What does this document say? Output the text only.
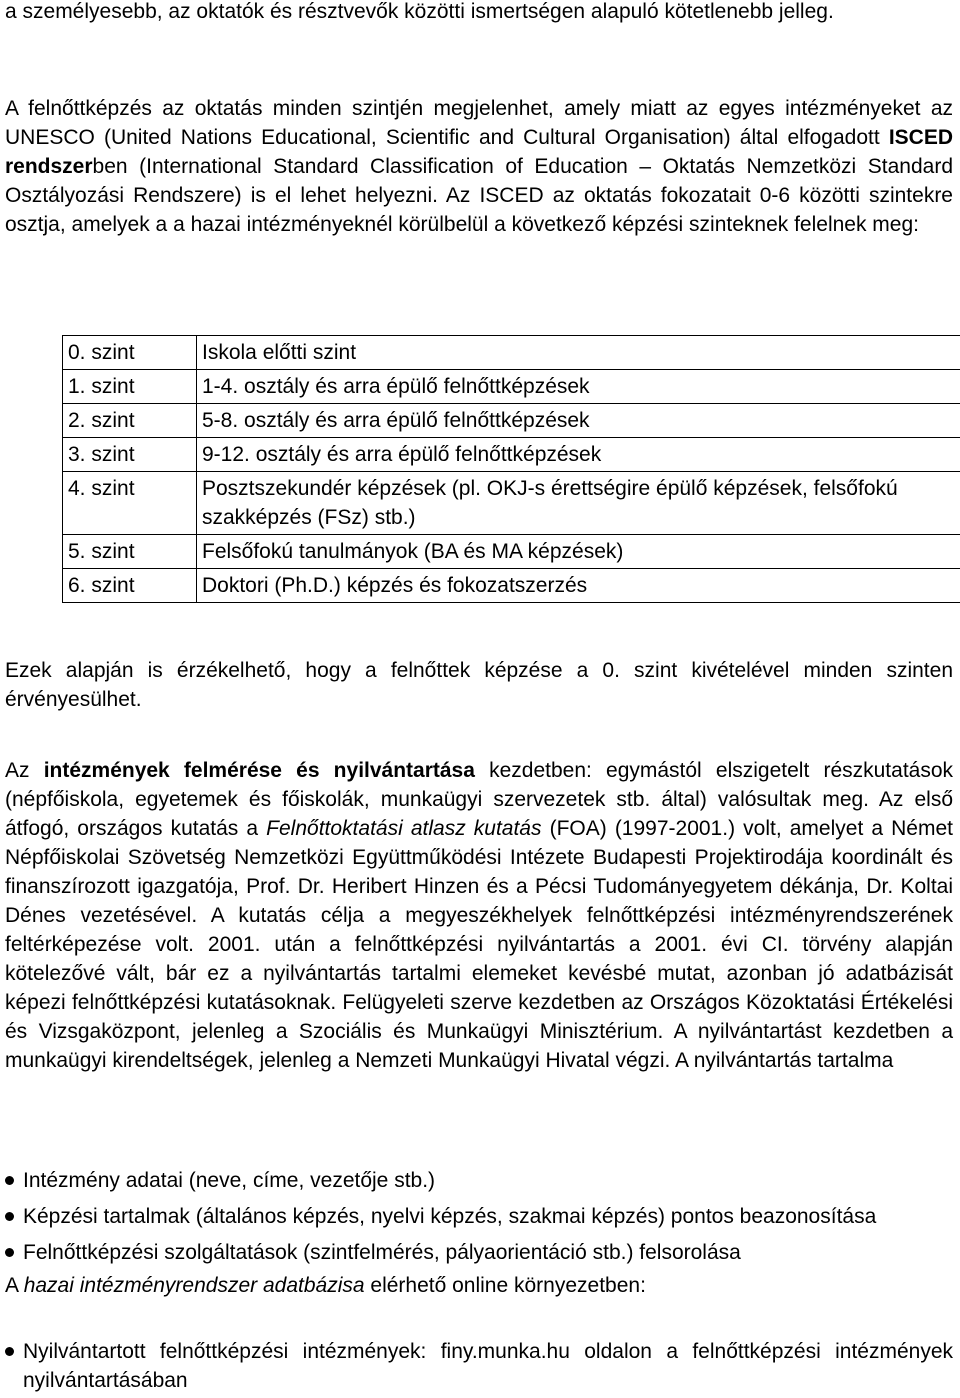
a személyesebb, az oktatók és résztvevők közötti ismertségen alapuló kötetlenebb jelleg.

A felnőttképzés az oktatás minden szintjén megjelenhet, amely miatt az egyes intézményeket az UNESCO (United Nations Educational, Scientific and Cultural Organisation) által elfogadott ISCED rendszerben (International Standard Classification of Education – Oktatás Nemzetközi Standard Osztályozási Rendszere) is el lehet helyezni. Az ISCED az oktatás fokozatait 0-6 közötti szintekre osztja, amelyek a a hazai intézményeknél körülbelül a következő képzési szinteknek felelnek meg:

0. szint	Iskola előtti szint
1. szint	1-4. osztály és arra épülő felnőttképzések
2. szint	5-8. osztály és arra épülő felnőttképzések
3. szint	9-12. osztály és arra épülő felnőttképzések
4. szint	Posztszekundér képzések (pl. OKJ-s érettségire épülő képzések, felsőfokú szakképzés (FSz) stb.)
5. szint	Felsőfokú tanulmányok (BA és MA képzések)
6. szint	Doktori (Ph.D.) képzés és fokozatszerzés

Ezek alapján is érzékelhető, hogy a felnőttek képzése a 0. szint kivételével minden szinten érvényesülhet.

Az intézmények felmérése és nyilvántartása kezdetben: egymástól elszigetelt részkutatások (népfőiskola, egyetemek és főiskolák, munkaügyi szervezetek stb. által) valósultak meg. Az első átfogó, országos kutatás a Felnőttoktatási atlasz kutatás (FOA) (1997-2001.) volt, amelyet a Német Népfőiskolai Szövetség Nemzetközi Együttműködési Intézete Budapesti Projektirodája koordinált és finanszírozott igazgatója, Prof. Dr. Heribert Hinzen és a Pécsi Tudományegyetem dékánja, Dr. Koltai Dénes vezetésével. A kutatás célja a megyeszékhelyek felnőttképzési intézményrendszerének feltérképezése volt. 2001. után a felnőttképzési nyilvántartás a 2001. évi CI. törvény alapján kötelezővé vált, bár ez a nyilvántartás tartalmi elemeket kevésbé mutat, azonban jó adatbázisát képezi felnőttképzési kutatásoknak. Felügyeleti szerve kezdetben az Országos Közoktatási Értékelési és Vizsgaközpont, jelenleg a Szociális és Munkaügyi Minisztérium. A nyilvántartást kezdetben a munkaügyi kirendeltségek, jelenleg a Nemzeti Munkaügyi Hivatal végzi. A nyilvántartás tartalma

Intézmény adatai (neve, címe, vezetője stb.)
Képzési tartalmak (általános képzés, nyelvi képzés, szakmai képzés) pontos beazonosítása
Felnőttképzési szolgáltatások (szintfelmérés, pályaorientáció stb.) felsorolása

A hazai intézményrendszer adatbázisa elérhető online környezetben:

Nyilvántartott felnőttképzési intézmények: finy.munka.hu oldalon a felnőttképzési intézmények nyilvántartásában
